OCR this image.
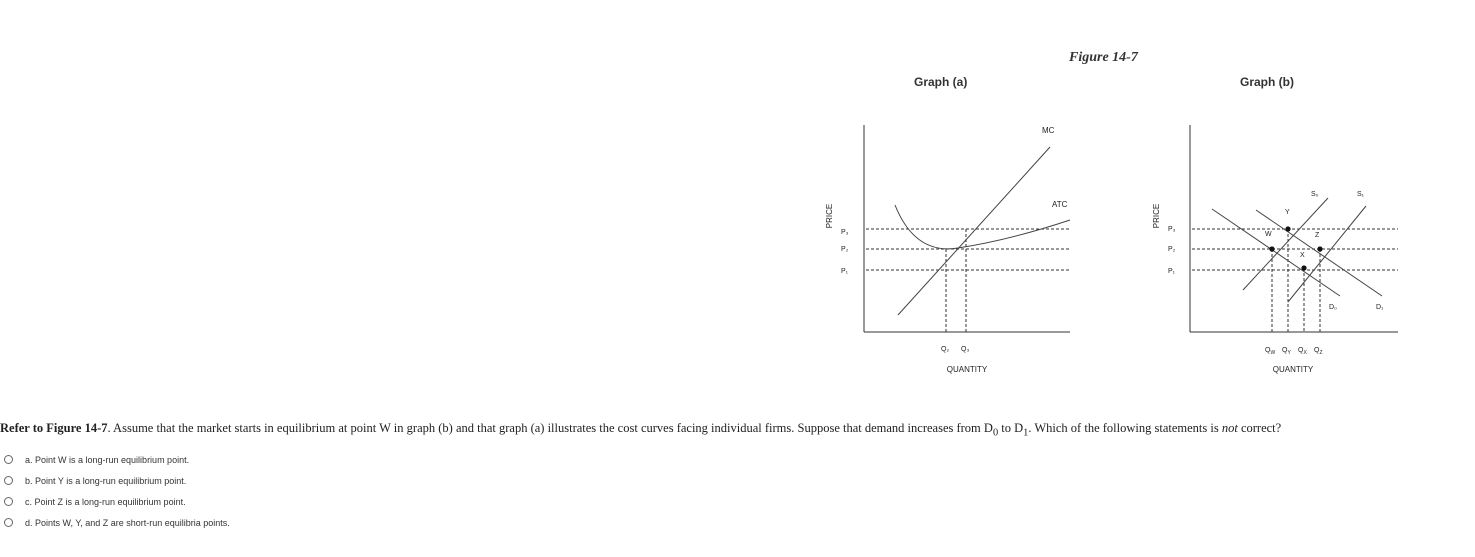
Figure 14-7
Graph (a)	Graph (b)
PRICE
QUANTITY
P₃
P₂
P₁
Q₂ Q₃
MC
ATC	PRICE
QUANTITY
P₃
P₂
P₁
W
Y
Z
X
S₀	S₁
D₀	D₁
$Q_W$ $Q_Y$ $Q_X$ $Q_Z$
Refer to Figure 14-7. Assume that the market starts in equilibrium at point W in graph (b) and that graph (a) illustrates the cost curves facing individual firms. Suppose that demand increases from $D_0$ to $D_1$. Which of the following statements is not correct?
a. Point W is a long-run equilibrium point.
b. Point Y is a long-run equilibrium point.
c. Point Z is a long-run equilibrium point.
d. Points W, Y, and Z are short-run equilibria points.
